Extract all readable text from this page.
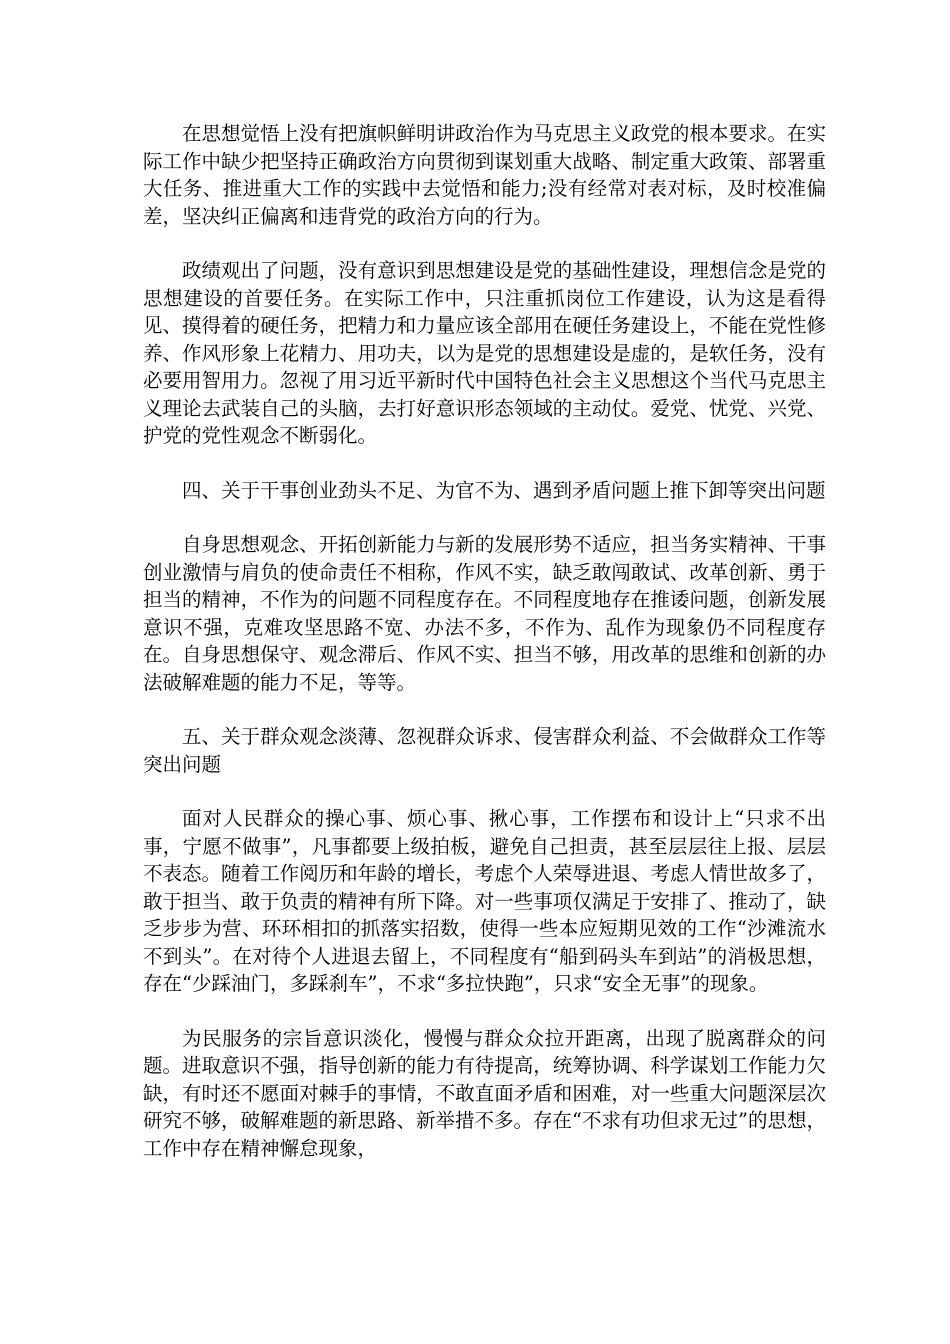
在思想觉悟上没有把旗帜鲜明讲政治作为马克思主义政党的根本要求。在实际工作中缺少把坚持正确政治方向贯彻到谋划重大战略、制定重大政策、部署重大任务、推进重大工作的实践中去觉悟和能力;没有经常对表对标，及时校准偏差，坚决纠正偏离和违背党的政治方向的行为。

政绩观出了问题，没有意识到思想建设是党的基础性建设，理想信念是党的思想建设的首要任务。在实际工作中，只注重抓岗位工作建设，认为这是看得见、摸得着的硬任务，把精力和力量应该全部用在硬任务建设上，不能在党性修养、作风形象上花精力、用功夫，以为是党的思想建设是虚的，是软任务，没有必要用智用力。忽视了用习近平新时代中国特色社会主义思想这个当代马克思主义理论去武装自己的头脑，去打好意识形态领域的主动仗。爱党、忧党、兴党、护党的党性观念不断弱化。

四、关于干事创业劲头不足、为官不为、遇到矛盾问题上推下卸等突出问题

自身思想观念、开拓创新能力与新的发展形势不适应，担当务实精神、干事创业激情与肩负的使命责任不相称，作风不实，缺乏敢闯敢试、改革创新、勇于担当的精神，不作为的问题不同程度存在。不同程度地存在推诿问题，创新发展意识不强，克难攻坚思路不宽、办法不多，不作为、乱作为现象仍不同程度存在。自身思想保守、观念滞后、作风不实、担当不够，用改革的思维和创新的办法破解难题的能力不足，等等。

五、关于群众观念淡薄、忽视群众诉求、侵害群众利益、不会做群众工作等突出问题

面对人民群众的操心事、烦心事、揪心事，工作摆布和设计上“只求不出事，宁愿不做事”，凡事都要上级拍板，避免自己担责，甚至层层往上报、层层不表态。随着工作阅历和年龄的增长，考虑个人荣辱进退、考虑人情世故多了，敢于担当、敢于负责的精神有所下降。对一些事项仅满足于安排了、推动了，缺乏步步为营、环环相扣的抓落实招数，使得一些本应短期见效的工作“沙滩流水不到头”。在对待个人进退去留上，不同程度有“船到码头车到站”的消极思想，存在“少踩油门，多踩刹车”，不求“多拉快跑”，只求“安全无事”的现象。

为民服务的宗旨意识淡化，慢慢与群众众拉开距离，出现了脱离群众的问题。进取意识不强，指导创新的能力有待提高，统筹协调、科学谋划工作能力欠缺，有时还不愿面对棘手的事情，不敢直面矛盾和困难，对一些重大问题深层次研究不够，破解难题的新思路、新举措不多。存在“不求有功但求无过”的思想，工作中存在精神懈怠现象，
